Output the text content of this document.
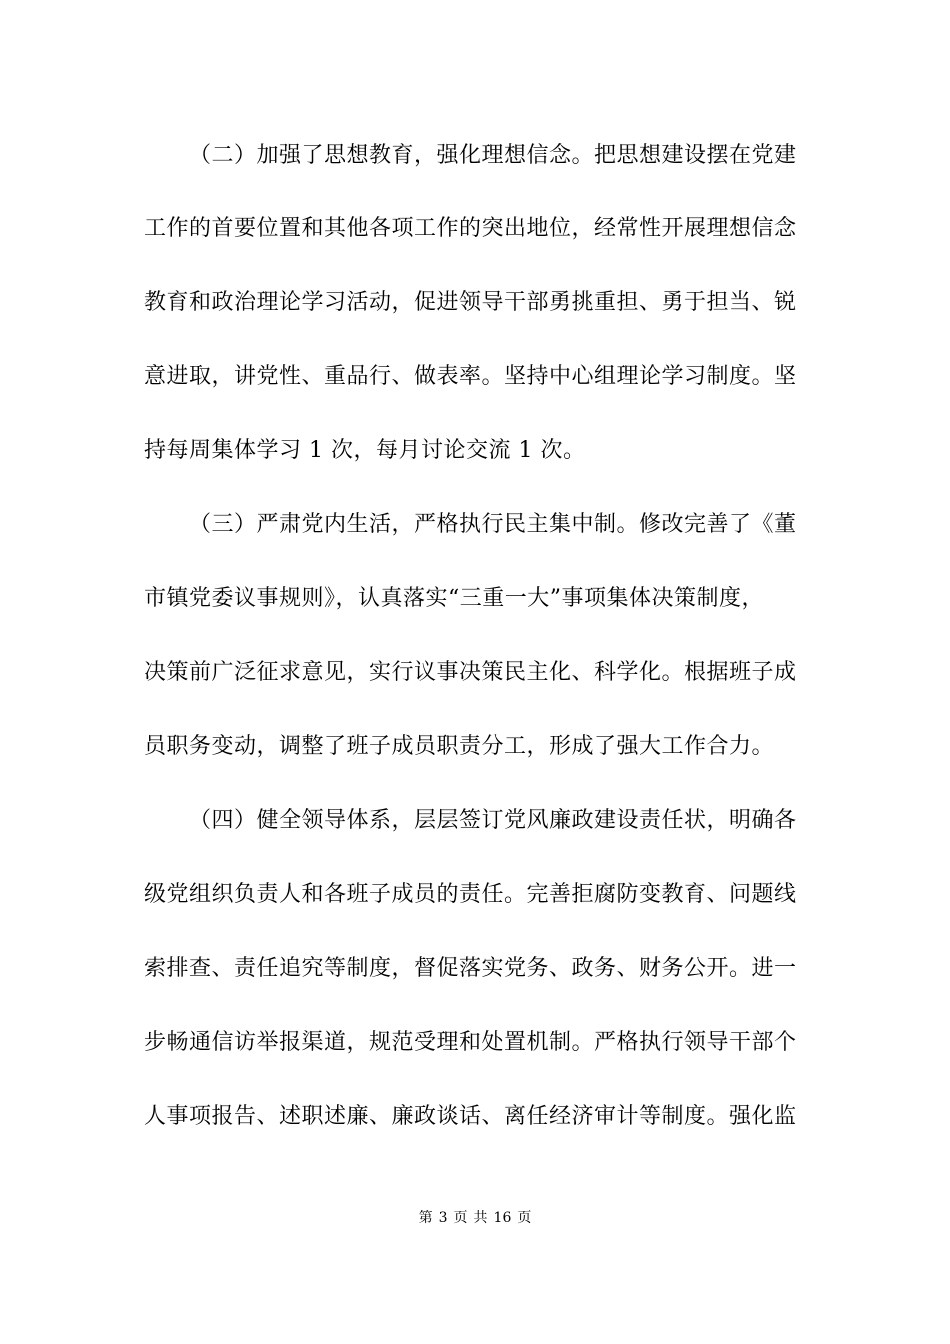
（二）加强了思想教育，强化理想信念。把思想建设摆在党建
工作的首要位置和其他各项工作的突出地位，经常性开展理想信念
教育和政治理论学习活动，促进领导干部勇挑重担、勇于担当、锐
意进取，讲党性、重品行、做表率。坚持中心组理论学习制度。坚
持每周集体学习 1 次，每月讨论交流 1 次。
（三）严肃党内生活，严格执行民主集中制。修改完善了《董
市镇党委议事规则》，认真落实“三重一大”事项集体决策制度，
决策前广泛征求意见，实行议事决策民主化、科学化。根据班子成
员职务变动，调整了班子成员职责分工，形成了强大工作合力。
（四）健全领导体系，层层签订党风廉政建设责任状，明确各
级党组织负责人和各班子成员的责任。完善拒腐防变教育、问题线
索排查、责任追究等制度，督促落实党务、政务、财务公开。进一
步畅通信访举报渠道，规范受理和处置机制。严格执行领导干部个
人事项报告、述职述廉、廉政谈话、离任经济审计等制度。强化监
第 3 页 共 16 页
